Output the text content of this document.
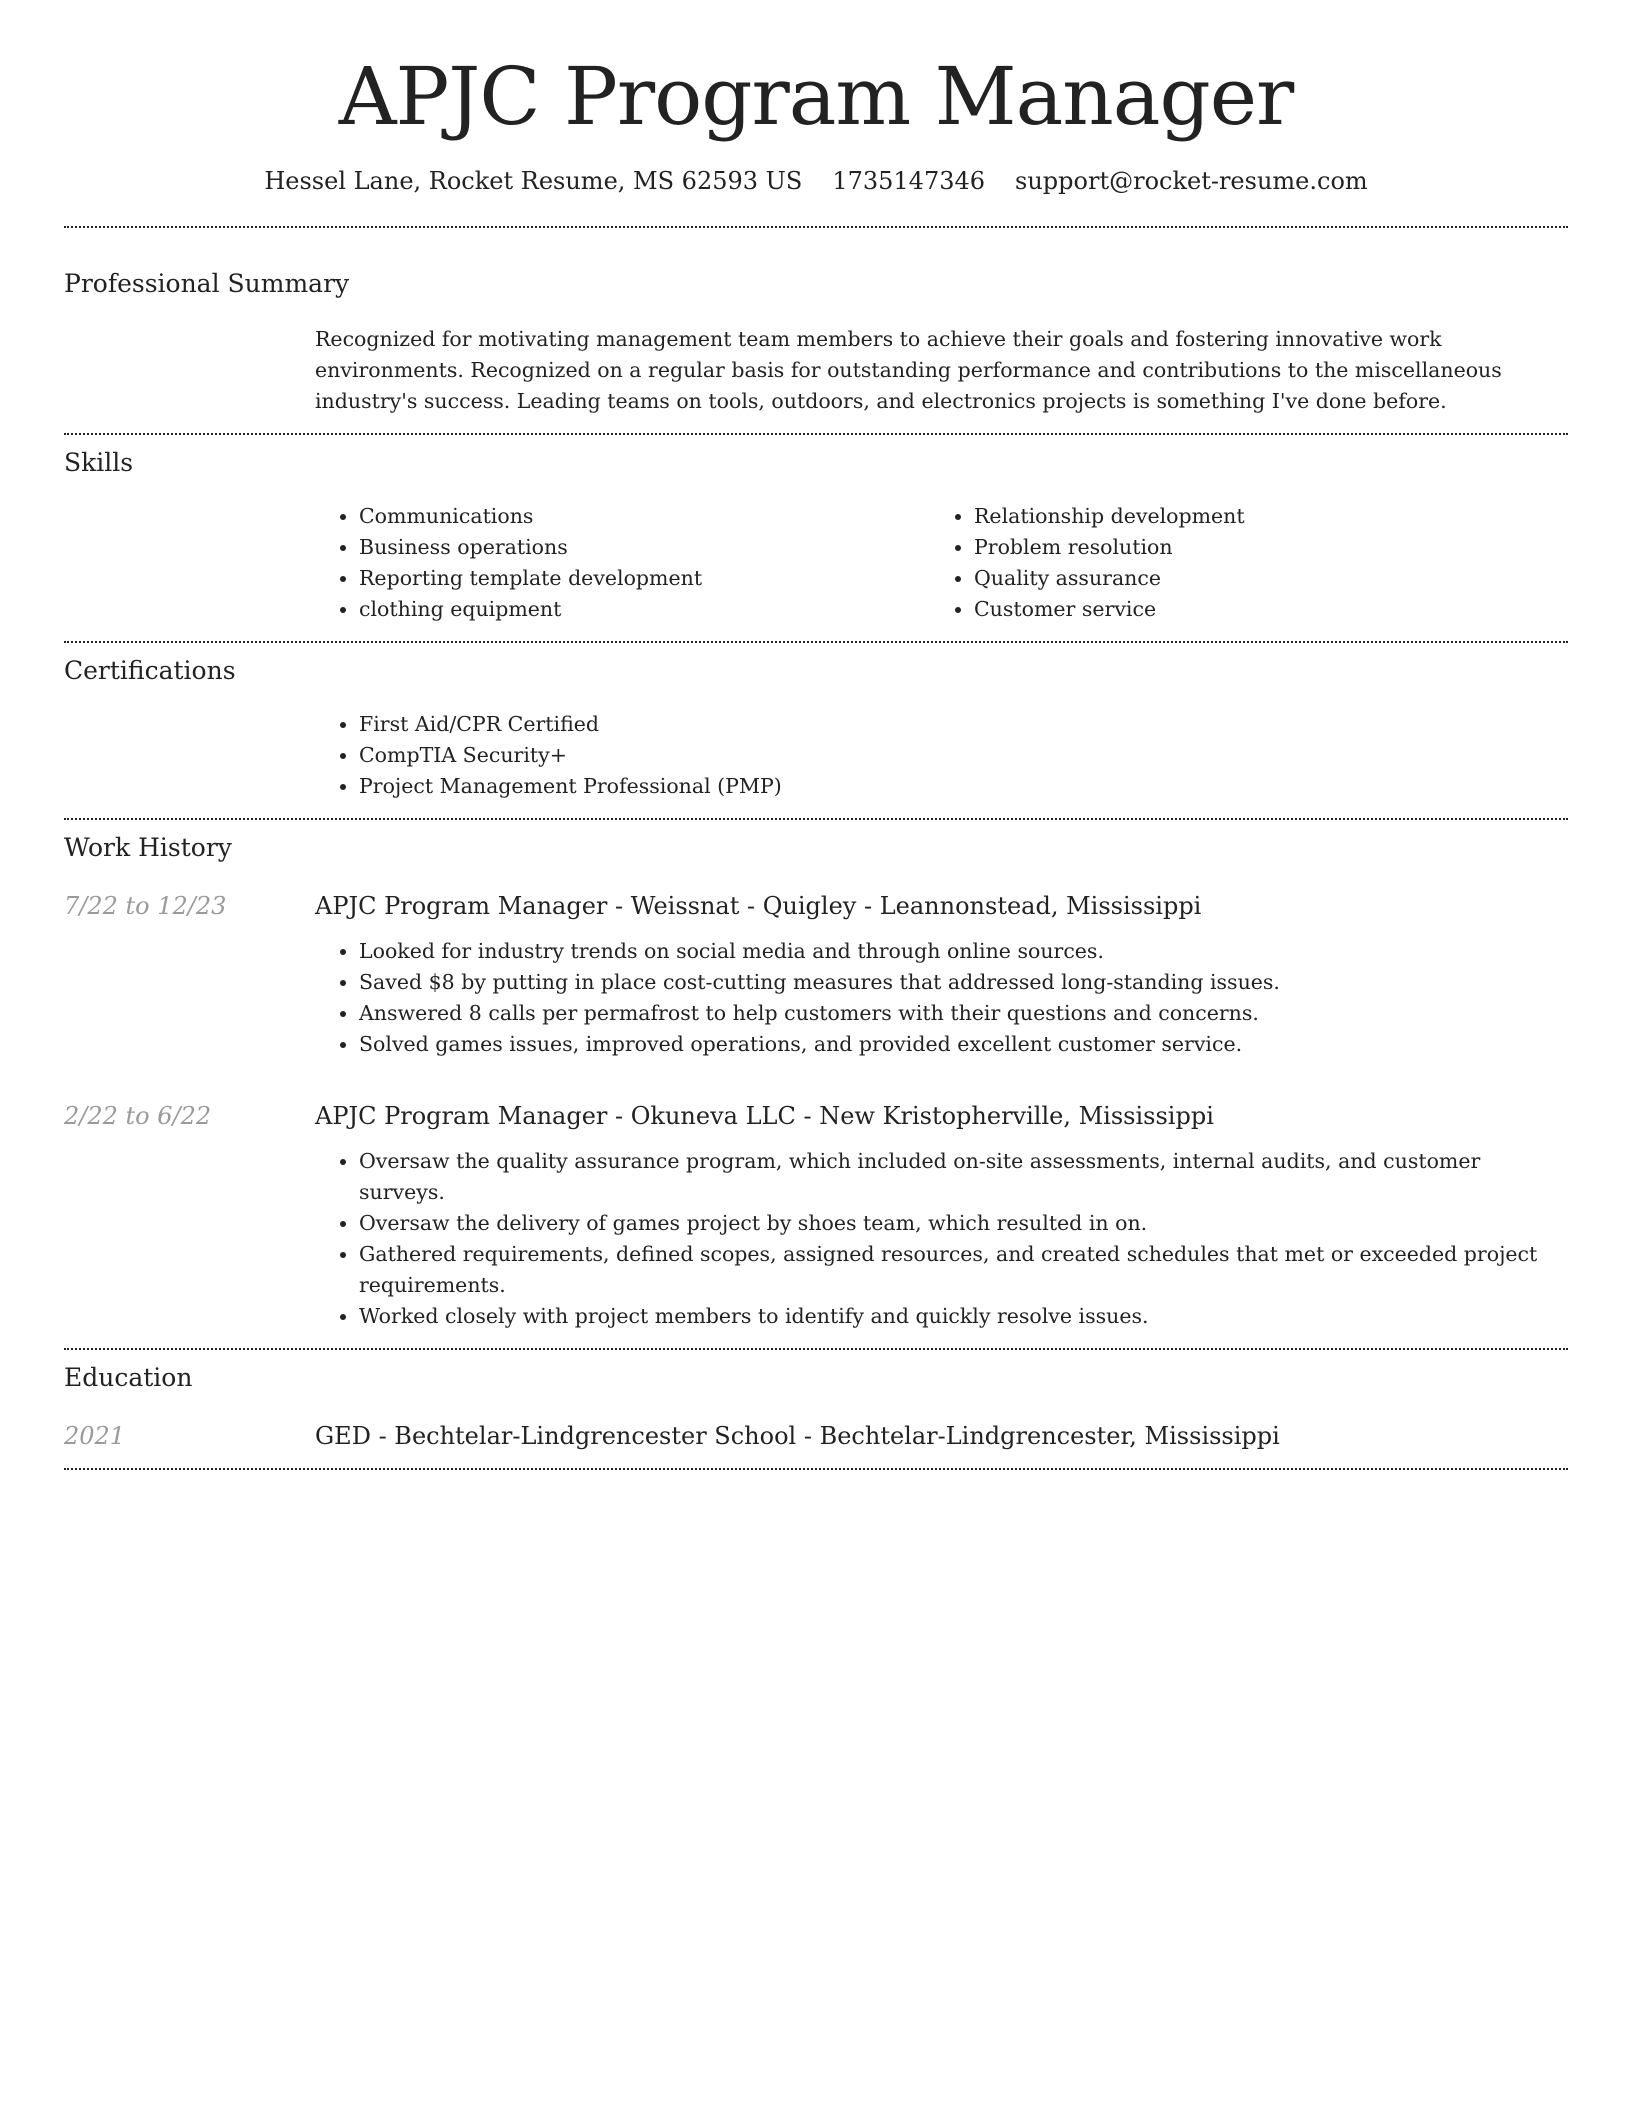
APJC Program Manager
Hessel Lane, Rocket Resume, MS 62593 US 1735147346 support@rocket-resume.com
Professional Summary
Recognized for motivating management team members to achieve their goals and fostering innovative work environments. Recognized on a regular basis for outstanding performance and contributions to the miscellaneous industry's success. Leading teams on tools, outdoors, and electronics projects is something I've done before.
Skills
• Communications
• Business operations
• Reporting template development
• clothing equipment
• Relationship development
• Problem resolution
• Quality assurance
• Customer service
Certifications
• First Aid/CPR Certified
• CompTIA Security+
• Project Management Professional (PMP)
Work History
7/22 to 12/23	APJC Program Manager - Weissnat - Quigley - Leannonstead, Mississippi
• Looked for industry trends on social media and through online sources.
• Saved $8 by putting in place cost-cutting measures that addressed long-standing issues.
• Answered 8 calls per permafrost to help customers with their questions and concerns.
• Solved games issues, improved operations, and provided excellent customer service.
2/22 to 6/22	APJC Program Manager - Okuneva LLC - New Kristopherville, Mississippi
• Oversaw the quality assurance program, which included on-site assessments, internal audits, and customer surveys.
• Oversaw the delivery of games project by shoes team, which resulted in on.
• Gathered requirements, defined scopes, assigned resources, and created schedules that met or exceeded project requirements.
• Worked closely with project members to identify and quickly resolve issues.
Education
2021	GED - Bechtelar-Lindgrencester School - Bechtelar-Lindgrencester, Mississippi
